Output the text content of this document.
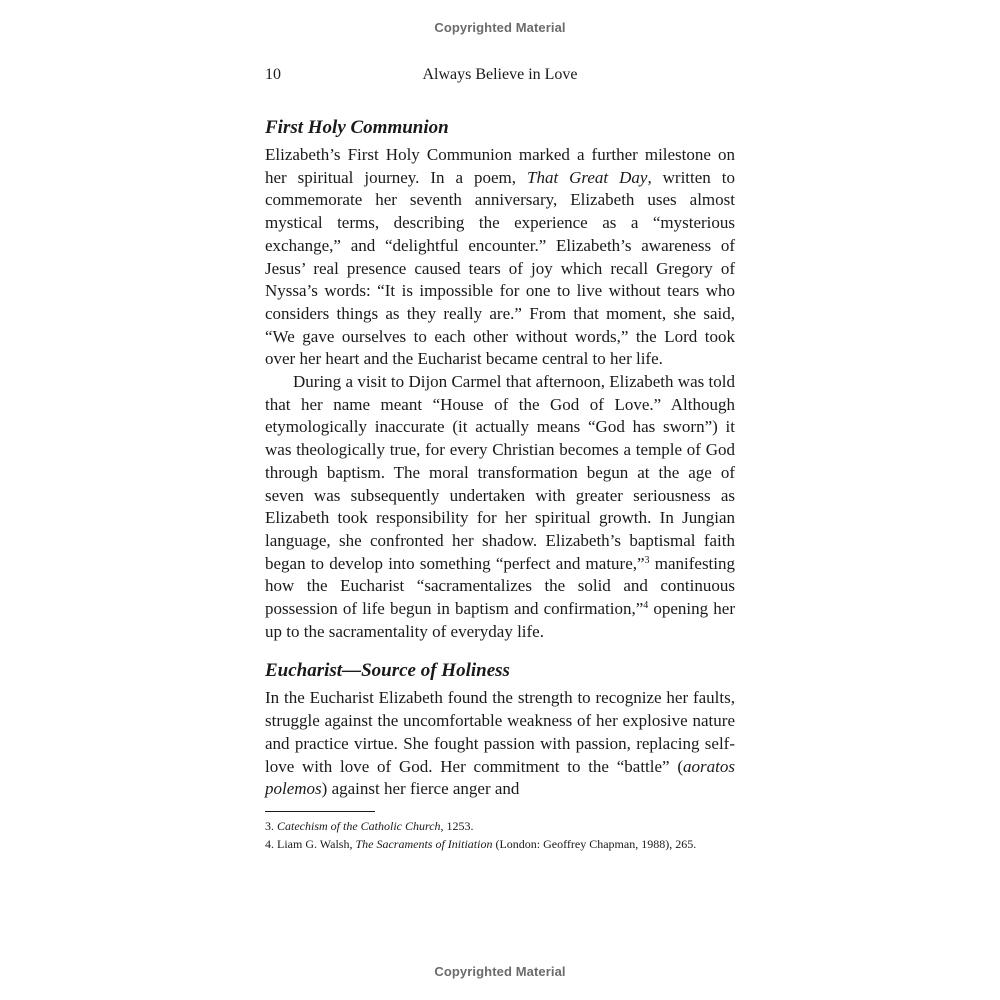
Copyrighted Material
10	Always Believe in Love
First Holy Communion

Elizabeth’s First Holy Communion marked a further milestone on her spiritual journey. In a poem, That Great Day, written to commemorate her seventh anniversary, Elizabeth uses almost mystical terms, describing the experience as a “mysterious exchange,” and “delightful encounter.” Elizabeth’s awareness of Jesus’ real presence caused tears of joy which recall Gregory of Nyssa’s words: “It is impossible for one to live without tears who considers things as they really are.” From that moment, she said, “We gave ourselves to each other without words,” the Lord took over her heart and the Eucharist became central to her life.

During a visit to Dijon Carmel that afternoon, Elizabeth was told that her name meant “House of the God of Love.” Although etymologically inaccurate (it actually means “God has sworn”) it was theologically true, for every Christian becomes a temple of God through baptism. The moral transformation begun at the age of seven was subsequently undertaken with greater seriousness as Elizabeth took responsibility for her spiritual growth. In Jungian language, she confronted her shadow. Elizabeth’s baptismal faith began to develop into something “perfect and mature,”$^3$ manifesting how the Eucharist “sacramentalizes the solid and continuous possession of life begun in baptism and confirmation,”$^4$ opening her up to the sacramentality of everyday life.

Eucharist—Source of Holiness

In the Eucharist Elizabeth found the strength to recognize her faults, struggle against the uncomfortable weakness of her explosive nature and practice virtue. She fought passion with passion, replacing self-love with love of God. Her commitment to the “battle” (aoratos polemos) against her fierce anger and

3. Catechism of the Catholic Church, 1253.
4. Liam G. Walsh, The Sacraments of Initiation (London: Geoffrey Chapman, 1988), 265.
Copyrighted Material
